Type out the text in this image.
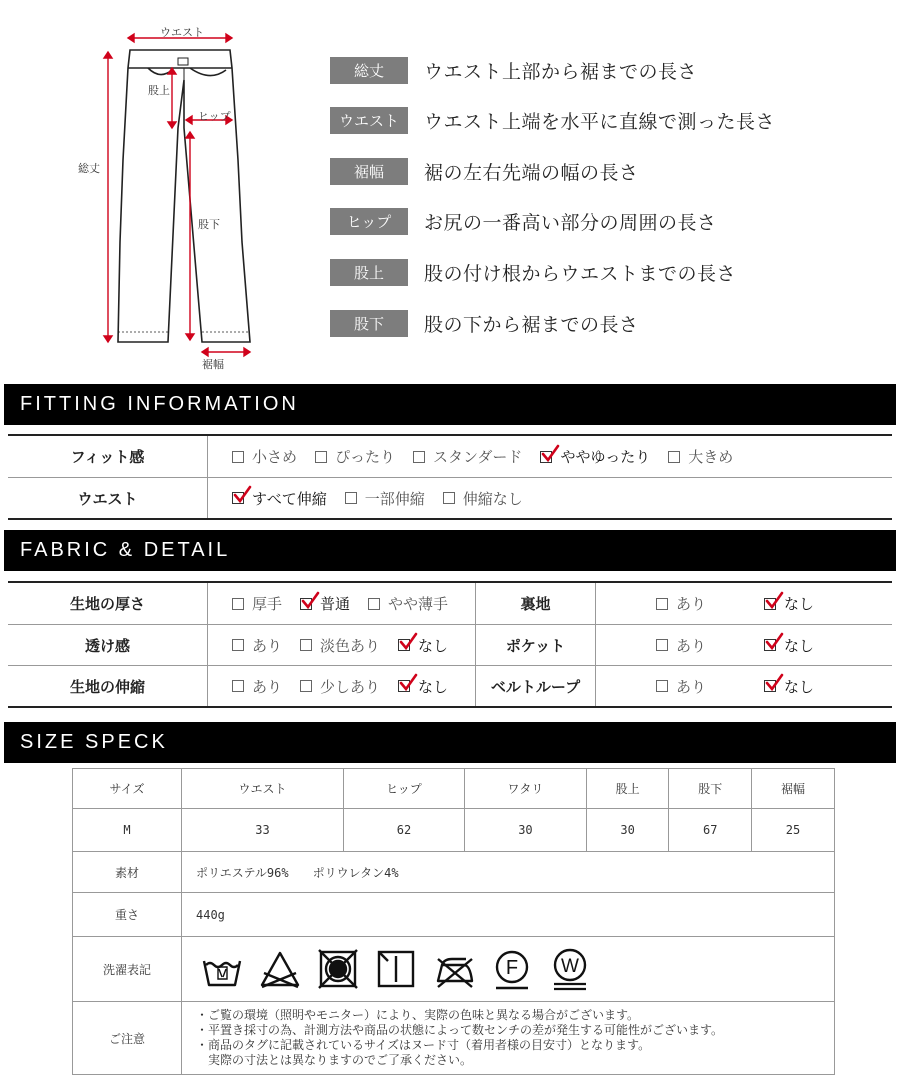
ウエスト
股上
ヒップ
総丈
股下
裾幅
総丈	ウエスト上部から裾までの長さ
ウエスト	ウエスト上端を水平に直線で測った長さ
裾幅	裾の左右先端の幅の長さ
ヒップ	お尻の一番高い部分の周囲の長さ
股上	股の付け根からウエストまでの長さ
股下	股の下から裾までの長さ
FITTING INFORMATION
フィット感	小さめ	ぴったり	スタンダード	ややゆったり	大きめ
ウエスト	すべて伸縮	一部伸縮	伸縮なし
FABRIC & DETAIL
生地の厚さ	厚手	普通	やや薄手	裏地	あり	なし
透け感	あり	淡色あり	なし	ポケット	あり	なし
生地の伸縮	あり	少しあり	なし	ベルトループ	あり	なし
SIZE SPECK
サイズ	ウエスト	ヒップ	ワタリ	股上	股下	裾幅
M	33	62	30	30	67	25
素材	ポリエステル96%　　ポリウレタン4%					
重さ	440g					
洗濯表記	F W					

ご注意	・ご覧の環境（照明やモニター）により、実際の色味と異なる場合がございます。
・平置き採寸の為、計測方法や商品の状態によって数センチの差が発生する可能性がございます。
・商品のタグに記載されているサイズはヌード寸（着用者様の目安寸）となります。
　実際の寸法とは異なりますのでご了承ください。					
